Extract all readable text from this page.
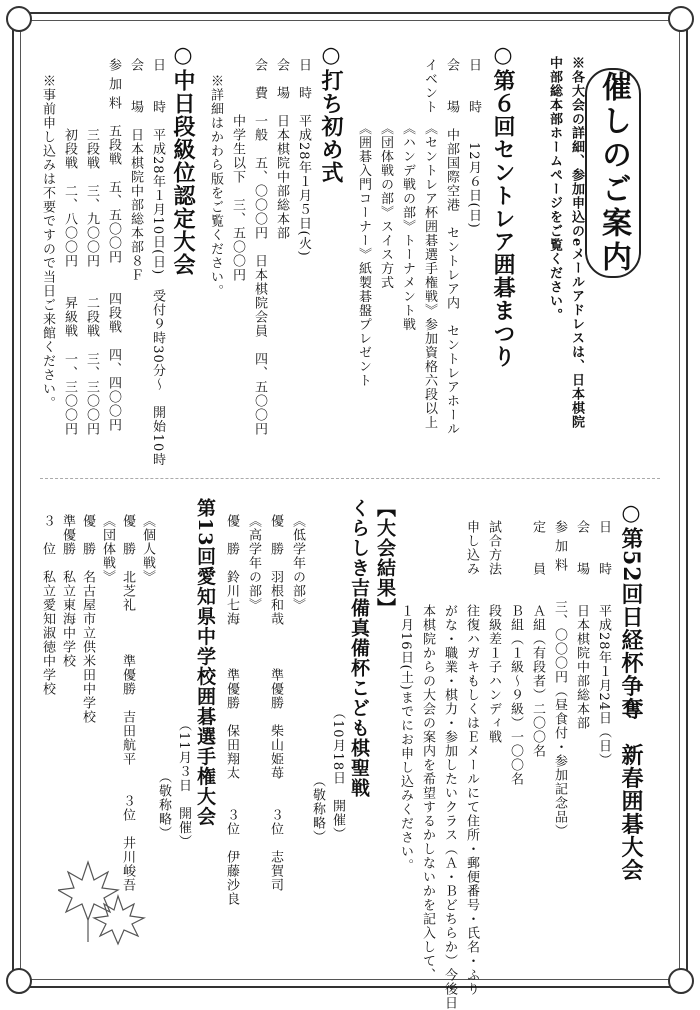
催しのご案内
※各大会の詳細、参加申込のeメールアドレスは、日本棋院
中部総本部ホームページをご覧ください。
○第６回セントレア囲碁まつり
日　　時　　12月６日(日)
会　　場　中部国際空港　セントレア内　セントレアホール
イベント　《セントレア杯囲碁選手権戦》参加資格六段以上
　　　　　《ハンデ戦の部》トーナメント戦
　　　　　《団体戦の部》スイス方式
　　　　　《囲碁入門コーナー》紙製碁盤プレゼント
○打ち初め式
日　時　平成28年１月５日(火)
会　場　日本棋院中部総本部
会　費　一般　五、〇〇〇円　日本棋院会員　四、五〇〇円
　　　　中学生以下　三、五〇〇円
※詳細はかわら版をご覧ください。
○中日段級位認定大会
日　　時　平成28年１月10日(日)　受付９時30分～　開始10時
会　　場　日本棋院中部総本部８Ｆ
参 加 料　五段戦　五、五〇〇円　　四段戦　四、四〇〇円
　　　　　三段戦　三、九〇〇円　　二段戦　三、三〇〇円
　　　　　初段戦　二、八〇〇円　　昇級戦　一、三〇〇円
※事前申し込みは不要ですので当日ご来館ください。
○第52回日経杯争奪　新春囲碁大会
日　　時　　平成28年１月24日（日）
会　　場　　日本棋院中部総本部
参 加 料　　三、〇〇〇円（昼食付・参加記念品）
定　　員　　Ａ組（有段者）二〇〇名
　　　　　　Ｂ組（１級～９級）一〇〇名
試合方法　　段級差１子ハンディ戦
申し込み　　往復ハガキもしくはＥメールにて住所・郵便番号・氏名・ふり
　　　　　　がな・職業・棋力・参加したいクラス（Ａ・Ｂどちらか）今後日
　　　　　　本棋院からの大会の案内を希望するかしないかを記入して、
　　　　　　１月16日(土)までにお申し込みください。
【大会結果】
くらしき吉備真備杯こども棋聖戦
（10月18日　開催）
（敬称略）
《低学年の部》
優　勝　羽根和哉　　　準優勝　柴山姫苺　　３位　志賀司
《高学年の部》
優　勝　鈴川七海　　　準優勝　保田翔太　　３位　伊藤沙良
第13回愛知県中学校囲碁選手権大会
（11月３日　開催）
（敬称略）
《個人戦》
優　勝　北芝礼　　　準優勝　吉田航平　　３位　井川峻吾
《団体戦》
優　勝　名古屋市立供米田中学校
準優勝　私立東海中学校
３　位　私立愛知淑徳中学校
